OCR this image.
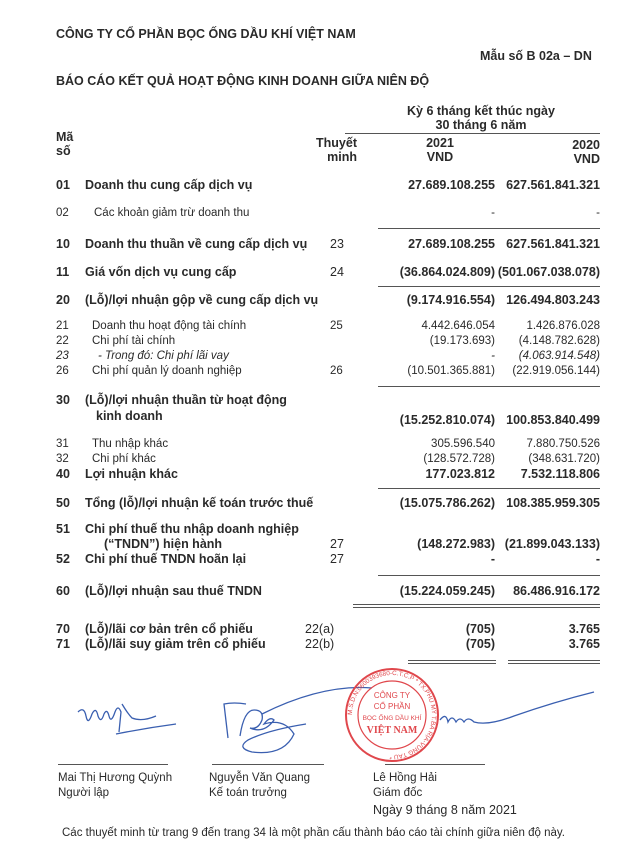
CÔNG TY CỔ PHẦN BỌC ỐNG DẦU KHÍ VIỆT NAM
Mẫu số B 02a – DN
BÁO CÁO KẾT QUẢ HOẠT ĐỘNG KINH DOANH GIỮA NIÊN ĐỘ
Kỳ 6 tháng kết thúc ngày
30 tháng 6 năm
Mã
số
Thuyết
minh
2021
VND
2020
VND
01 Doanh thu cung cấp dịch vụ	27.689.108.255 627.561.841.321
02 Các khoản giảm trừ doanh thu	-	-
10 Doanh thu thuần về cung cấp dịch vụ 23	27.689.108.255 627.561.841.321
11 Giá vốn dịch vụ cung cấp	24	(36.864.024.809) (501.067.038.078)
20 (Lỗ)/lợi nhuận gộp về cung cấp dịch vụ	(9.174.916.554) 126.494.803.243
21 Doanh thu hoạt động tài chính	25	4.442.646.054	1.426.876.028
22 Chi phí tài chính	(19.173.693)	(4.148.782.628)
23	- Trong đó: Chi phí lãi vay	-	(4.063.914.548)
26 Chi phí quản lý doanh nghiệp	26	(10.501.365.881)	(22.919.056.144)
30 (Lỗ)/lợi nhuận thuần từ hoạt động
kinh doanh	(15.252.810.074) 100.853.840.499
31 Thu nhập khác	305.596.540	7.880.750.526
32 Chi phí khác	(128.572.728)	(348.631.720)
40 Lợi nhuận khác	177.023.812	7.532.118.806
50 Tổng (lỗ)/lợi nhuận kế toán trước thuế	(15.075.786.262) 108.385.959.305
51 Chi phí thuế thu nhập doanh nghiệp
(“TNDN”) hiện hành	27	(148.272.983) (21.899.043.133)
52 Chi phí thuế TNDN hoãn lại	27	-	-
60 (Lỗ)/lợi nhuận sau thuế TNDN	(15.224.059.245)	86.486.916.172
70 (Lỗ)/lãi cơ bản trên cổ phiếu	22(a)	(705)	3.765
71 (Lỗ)/lãi suy giảm trên cổ phiếu	22(b)	(705)	3.765
CÔNG TY
CỔ PHẦN
BỌC ỐNG DẦU KHÍ
VIỆT NAM
M.S.D.N:0600393680-C.T.C.P * TX.PHÚ MỸ T.BÀ RỊA-VŨNG TÀU *
Mai Thị Hương Quỳnh
Người lập
Nguyễn Văn Quang
Kế toán trưởng
Lê Hồng Hải
Giám đốc
Ngày 9 tháng 8 năm 2021
Các thuyết minh từ trang 9 đến trang 34 là một phần cấu thành báo cáo tài chính giữa niên độ này.
